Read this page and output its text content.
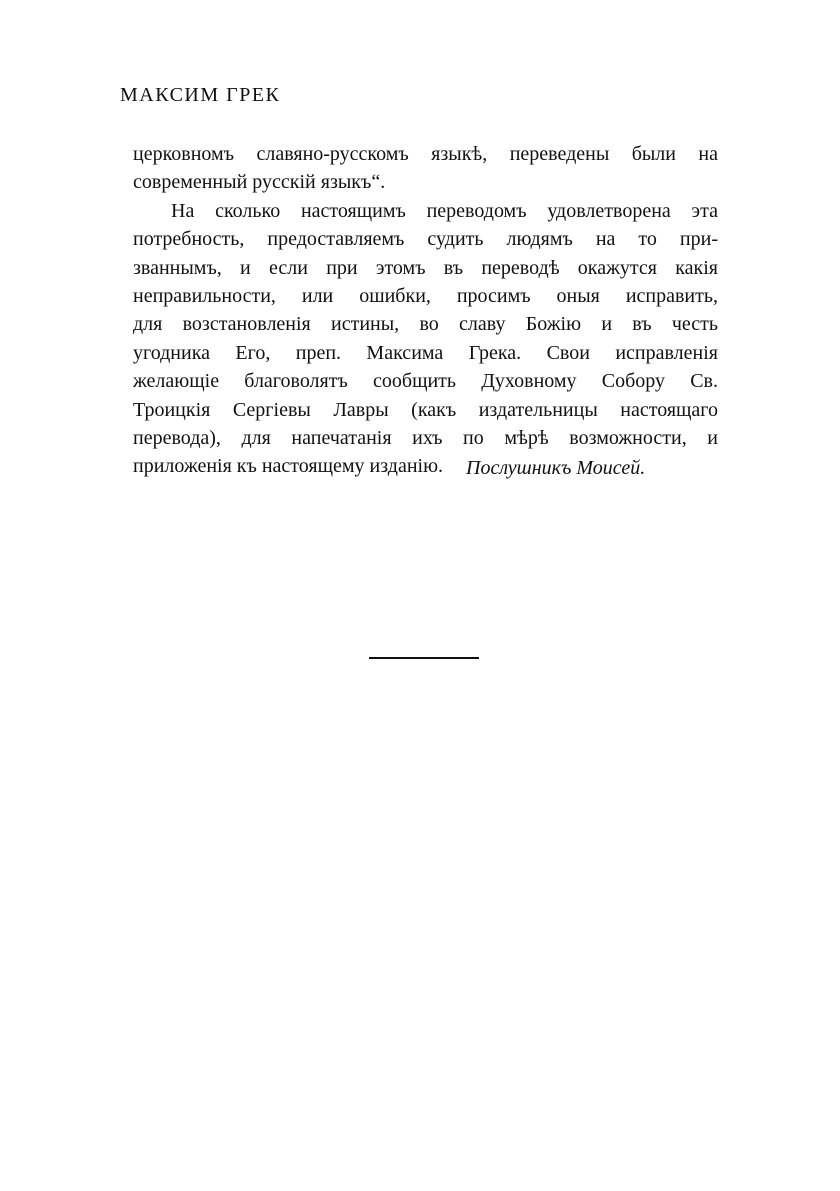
МАКСИМ ГРЕК
церковномъ славяно-русскомъ языкѣ, переведены были на
современный русскій языкъ“.
На сколько настоящимъ переводомъ удовлетворена эта
потребность, предоставляемъ судить людямъ на то при-
званнымъ, и если при этомъ въ переводѣ окажутся какія
неправильности, или ошибки, просимъ оныя исправить,
для возстановленія истины, во славу Божію и въ честь
угодника Его, преп. Максима Грека. Свои исправленія
желающіе благоволятъ сообщить Духовному Собору Св.
Троицкія Сергіевы Лавры (какъ издательницы настоящаго
перевода), для напечатанія ихъ по мѣрѣ возможности, и
приложенія къ настоящему изданію.	Послушникъ Моисей.
